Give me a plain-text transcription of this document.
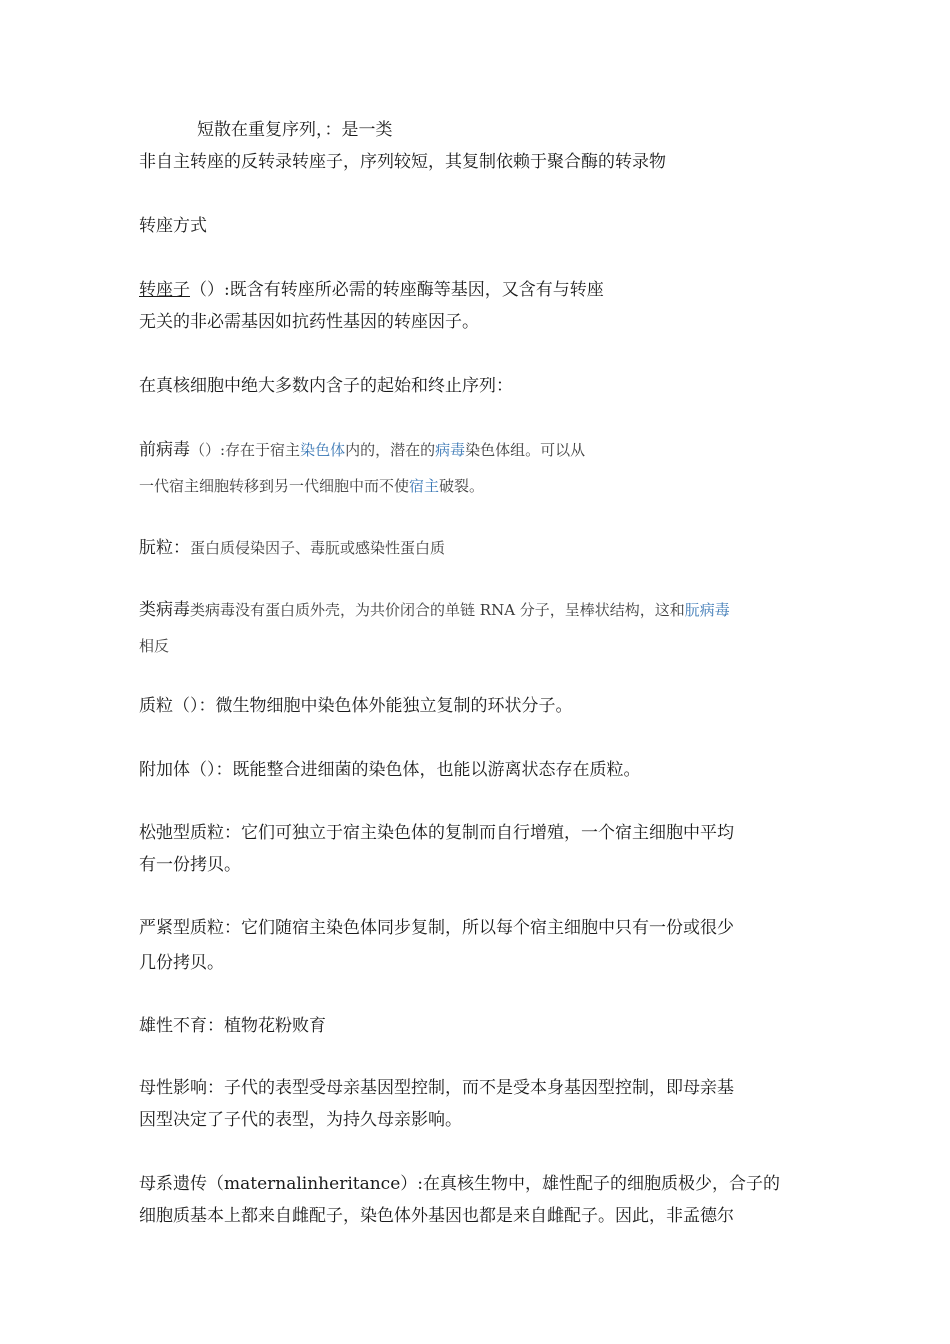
短散在重复序列，：是一类
非自主转座的反转录转座子，序列较短，其复制依赖于聚合酶的转录物
转座方式
转座子（）:既含有转座所必需的转座酶等基因，又含有与转座
无关的非必需基因如抗药性基因的转座因子。
在真核细胞中绝大多数内含子的起始和终止序列：
前病毒（）:存在于宿主染色体内的，潜在的病毒染色体组。可以从
一代宿主细胞转移到另一代细胞中而不使宿主破裂。
朊粒：蛋白质侵染因子、毒朊或感染性蛋白质
类病毒类病毒没有蛋白质外壳，为共价闭合的单链 RNA 分子，呈棒状结构，这和朊病毒
相反
质粒（）：微生物细胞中染色体外能独立复制的环状分子。
附加体（）：既能整合进细菌的染色体，也能以游离状态存在质粒。
松弛型质粒：它们可独立于宿主染色体的复制而自行增殖，一个宿主细胞中平均
有一份拷贝。
严紧型质粒：它们随宿主染色体同步复制，所以每个宿主细胞中只有一份或很少
几份拷贝。
雄性不育：植物花粉败育
母性影响：子代的表型受母亲基因型控制，而不是受本身基因型控制，即母亲基
因型决定了子代的表型，为持久母亲影响。
母系遗传（maternalinheritance）:在真核生物中，雄性配子的细胞质极少，合子的
细胞质基本上都来自雌配子，染色体外基因也都是来自雌配子。因此，非孟德尔
